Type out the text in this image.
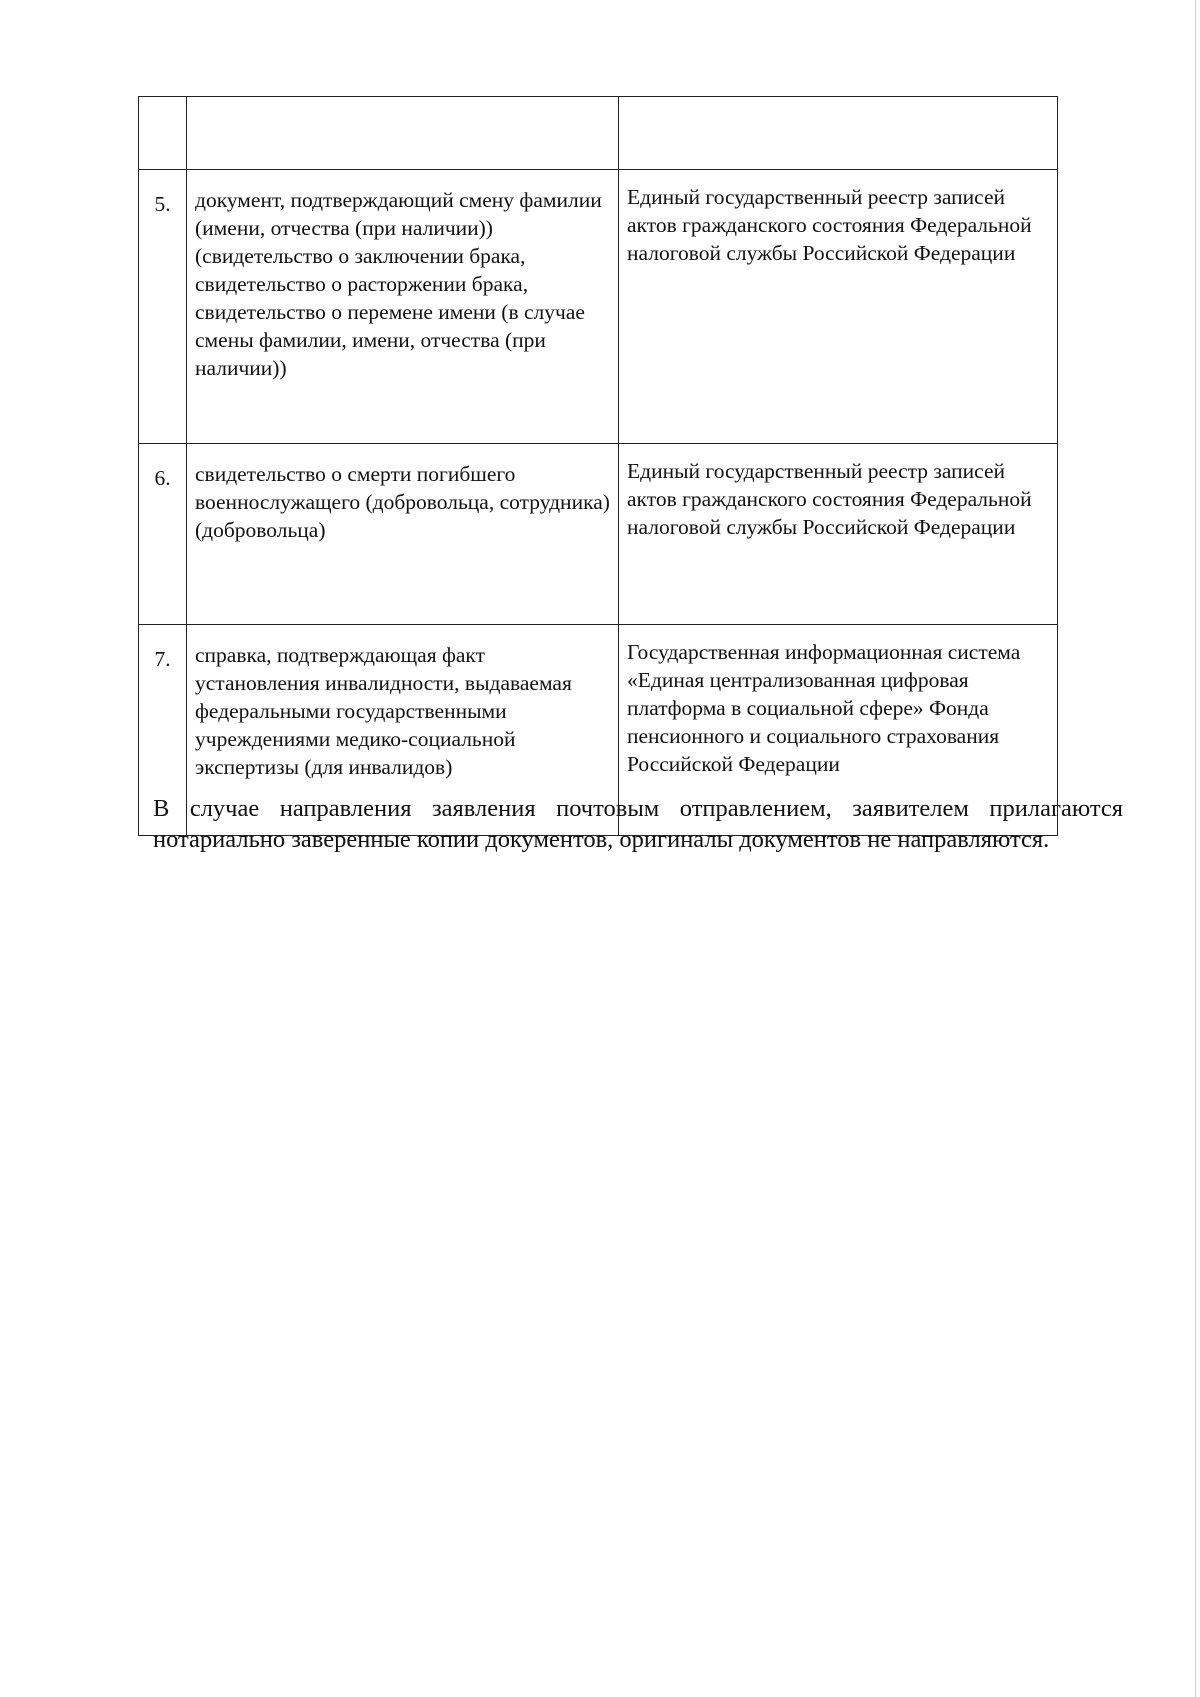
5.	документ, подтверждающий смену фамилии (имени, отчества (при наличии)) (свидетельство о заключении брака, свидетельство о расторжении брака, свидетельство о перемене имени (в случае смены фамилии, имени, отчества (при наличии))	Единый государственный реестр записей актов гражданского состояния Федеральной налоговой службы Российской Федерации
6.	свидетельство о смерти погибшего военнослужащего (добровольца, сотрудника) (добровольца)	Единый государственный реестр записей актов гражданского состояния Федеральной налоговой службы Российской Федерации
7.	справка, подтверждающая факт установления инвалидности, выдаваемая федеральными государственными учреждениями медико-социальной экспертизы (для инвалидов)	Государственная информационная система «Единая централизованная цифровая платформа в социальной сфере» Фонда пенсионного и социального страхования Российской Федерации

В случае направления заявления почтовым отправлением, заявителем прилагаются нотариально заверенные копии документов, оригиналы документов не направляются.
